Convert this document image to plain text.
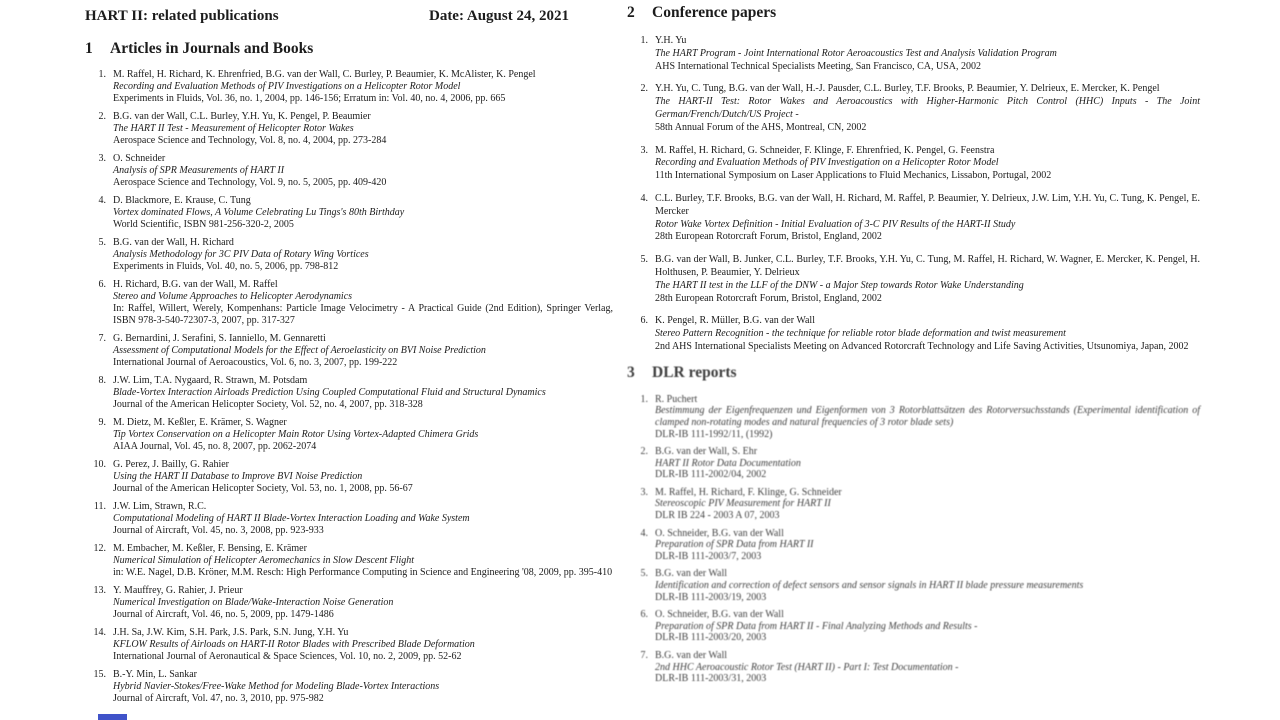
HART II: related publications	Date: August 24, 2021
1	Articles in Journals and Books
1. M. Raffel, H. Richard, K. Ehrenfried, B.G. van der Wall, C. Burley, P. Beaumier, K. McAlister, K. Pengel
Recording and Evaluation Methods of PIV Investigations on a Helicopter Rotor Model
Experiments in Fluids, Vol. 36, no. 1, 2004, pp. 146-156; Erratum in: Vol. 40, no. 4, 2006, pp. 665
2. B.G. van der Wall, C.L. Burley, Y.H. Yu, K. Pengel, P. Beaumier
The HART II Test - Measurement of Helicopter Rotor Wakes
Aerospace Science and Technology, Vol. 8, no. 4, 2004, pp. 273-284
3. O. Schneider
Analysis of SPR Measurements of HART II
Aerospace Science and Technology, Vol. 9, no. 5, 2005, pp. 409-420
4. D. Blackmore, E. Krause, C. Tung
Vortex dominated Flows, A Volume Celebrating Lu Tings's 80th Birthday
World Scientific, ISBN 981-256-320-2, 2005
5. B.G. van der Wall, H. Richard
Analysis Methodology for 3C PIV Data of Rotary Wing Vortices
Experiments in Fluids, Vol. 40, no. 5, 2006, pp. 798-812
6. H. Richard, B.G. van der Wall, M. Raffel
Stereo and Volume Approaches to Helicopter Aerodynamics
In: Raffel, Willert, Werely, Kompenhans: Particle Image Velocimetry - A Practical Guide (2nd Edition), Springer Verlag, ISBN 978-3-540-72307-3, 2007, pp. 317-327
7. G. Bernardini, J. Serafini, S. Ianniello, M. Gennaretti
Assessment of Computational Models for the Effect of Aeroelasticity on BVI Noise Prediction
International Journal of Aeroacoustics, Vol. 6, no. 3, 2007, pp. 199-222
8. J.W. Lim, T.A. Nygaard, R. Strawn, M. Potsdam
Blade-Vortex Interaction Airloads Prediction Using Coupled Computational Fluid and Structural Dynamics
Journal of the American Helicopter Society, Vol. 52, no. 4, 2007, pp. 318-328
9. M. Dietz, M. Keßler, E. Krämer, S. Wagner
Tip Vortex Conservation on a Helicopter Main Rotor Using Vortex-Adapted Chimera Grids
AIAA Journal, Vol. 45, no. 8, 2007, pp. 2062-2074
10. G. Perez, J. Bailly, G. Rahier
Using the HART II Database to Improve BVI Noise Prediction
Journal of the American Helicopter Society, Vol. 53, no. 1, 2008, pp. 56-67
11. J.W. Lim, Strawn, R.C.
Computational Modeling of HART II Blade-Vortex Interaction Loading and Wake System
Journal of Aircraft, Vol. 45, no. 3, 2008, pp. 923-933
12. M. Embacher, M. Keßler, F. Bensing, E. Krämer
Numerical Simulation of Helicopter Aeromechanics in Slow Descent Flight
in: W.E. Nagel, D.B. Kröner, M.M. Resch: High Performance Computing in Science and Engineering '08, 2009, pp. 395-410
13. Y. Mauffrey, G. Rahier, J. Prieur
Numerical Investigation on Blade/Wake-Interaction Noise Generation
Journal of Aircraft, Vol. 46, no. 5, 2009, pp. 1479-1486
14. J.H. Sa, J.W. Kim, S.H. Park, J.S. Park, S.N. Jung, Y.H. Yu
KFLOW Results of Airloads on HART-II Rotor Blades with Prescribed Blade Deformation
International Journal of Aeronautical & Space Sciences, Vol. 10, no. 2, 2009, pp. 52-62
15. B.-Y. Min, L. Sankar
Hybrid Navier-Stokes/Free-Wake Method for Modeling Blade-Vortex Interactions
Journal of Aircraft, Vol. 47, no. 3, 2010, pp. 975-982
2	Conference papers
1. Y.H. Yu
The HART Program - Joint International Rotor Aeroacoustics Test and Analysis Validation Program
AHS International Technical Specialists Meeting, San Francisco, CA, USA, 2002
2. Y.H. Yu, C. Tung, B.G. van der Wall, H.-J. Pausder, C.L. Burley, T.F. Brooks, P. Beaumier, Y. Delrieux, E. Mercker, K. Pengel
The HART-II Test: Rotor Wakes and Aeroacoustics with Higher-Harmonic Pitch Control (HHC) Inputs - The Joint German/French/Dutch/US Project -
58th Annual Forum of the AHS, Montreal, CN, 2002
3. M. Raffel, H. Richard, G. Schneider, F. Klinge, F. Ehrenfried, K. Pengel, G. Feenstra
Recording and Evaluation Methods of PIV Investigation on a Helicopter Rotor Model
11th International Symposium on Laser Applications to Fluid Mechanics, Lissabon, Portugal, 2002
4. C.L. Burley, T.F. Brooks, B.G. van der Wall, H. Richard, M. Raffel, P. Beaumier, Y. Delrieux, J.W. Lim, Y.H. Yu, C. Tung, K. Pengel, E. Mercker
Rotor Wake Vortex Definition - Initial Evaluation of 3-C PIV Results of the HART-II Study
28th European Rotorcraft Forum, Bristol, England, 2002
5. B.G. van der Wall, B. Junker, C.L. Burley, T.F. Brooks, Y.H. Yu, C. Tung, M. Raffel, H. Richard, W. Wagner, E. Mercker, K. Pengel, H. Holthusen, P. Beaumier, Y. Delrieux
The HART II test in the LLF of the DNW - a Major Step towards Rotor Wake Understanding
28th European Rotorcraft Forum, Bristol, England, 2002
6. K. Pengel, R. Müller, B.G. van der Wall
Stereo Pattern Recognition - the technique for reliable rotor blade deformation and twist measurement
2nd AHS International Specialists Meeting on Advanced Rotorcraft Technology and Life Saving Activities, Utsunomiya, Japan, 2002
3	DLR reports
1. R. Puchert
Bestimmung der Eigenfrequenzen und Eigenformen von 3 Rotorblattsätzen des Rotorversuchsstands (Experimental identification of clamped non-rotating modes and natural frequencies of 3 rotor blade sets)
DLR-IB 111-1992/11, (1992)
2. B.G. van der Wall, S. Ehr
HART II Rotor Data Documentation
DLR-IB 111-2002/04, 2002
3. M. Raffel, H. Richard, F. Klinge, G. Schneider
Stereoscopic PIV Measurement for HART II
DLR IB 224 - 2003 A 07, 2003
4. O. Schneider, B.G. van der Wall
Preparation of SPR Data from HART II
DLR-IB 111-2003/7, 2003
5. B.G. van der Wall
Identification and correction of defect sensors and sensor signals in HART II blade pressure measurements
DLR-IB 111-2003/19, 2003
6. O. Schneider, B.G. van der Wall
Preparation of SPR Data from HART II - Final Analyzing Methods and Results -
DLR-IB 111-2003/20, 2003
7. B.G. van der Wall
2nd HHC Aeroacoustic Rotor Test (HART II) - Part I: Test Documentation -
DLR-IB 111-2003/31, 2003
